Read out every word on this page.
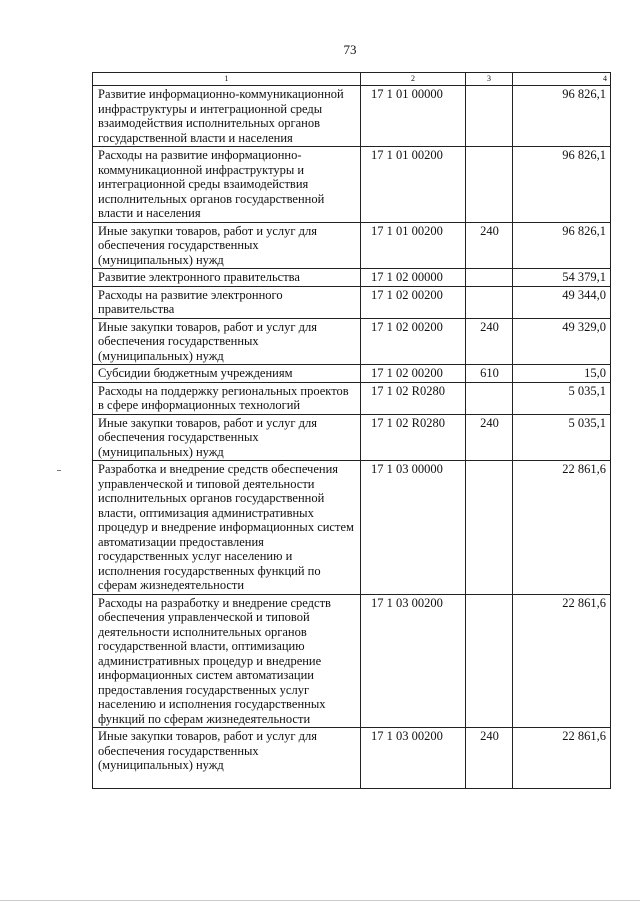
73
1	2	3	4
Развитие информационно-коммуникационной инфраструктуры и интеграционной среды взаимодействия исполнительных органов государственной власти и населения	17 1 01 00000		96 826,1
Расходы на развитие информационно-коммуникационной инфраструктуры и интеграционной среды взаимодействия исполнительных органов государственной власти и населения	17 1 01 00200		96 826,1
Иные закупки товаров, работ и услуг для обеспечения государственных (муниципальных) нужд	17 1 01 00200	240	96 826,1
Развитие электронного правительства	17 1 02 00000		54 379,1
Расходы на развитие электронного правительства	17 1 02 00200		49 344,0
Иные закупки товаров, работ и услуг для обеспечения государственных (муниципальных) нужд	17 1 02 00200	240	49 329,0
Субсидии бюджетным учреждениям	17 1 02 00200	610	15,0
Расходы на поддержку региональных проектов в сфере информационных технологий	17 1 02 R0280		5 035,1
Иные закупки товаров, работ и услуг для обеспечения государственных (муниципальных) нужд	17 1 02 R0280	240	5 035,1
Разработка и внедрение средств обеспечения управленческой и типовой деятельности исполнительных органов государственной власти, оптимизация административных процедур и внедрение информационных систем автоматизации предоставления государственных услуг населению и исполнения государственных функций по сферам жизнедеятельности	17 1 03 00000		22 861,6
Расходы на разработку и внедрение средств обеспечения управленческой и типовой деятельности исполнительных органов государственной власти, оптимизацию административных процедур и внедрение информационных систем автоматизации предоставления государственных услуг населению и исполнения государственных функций по сферам жизнедеятельности	17 1 03 00200		22 861,6
Иные закупки товаров, работ и услуг для обеспечения государственных (муниципальных) нужд	17 1 03 00200	240	22 861,6
